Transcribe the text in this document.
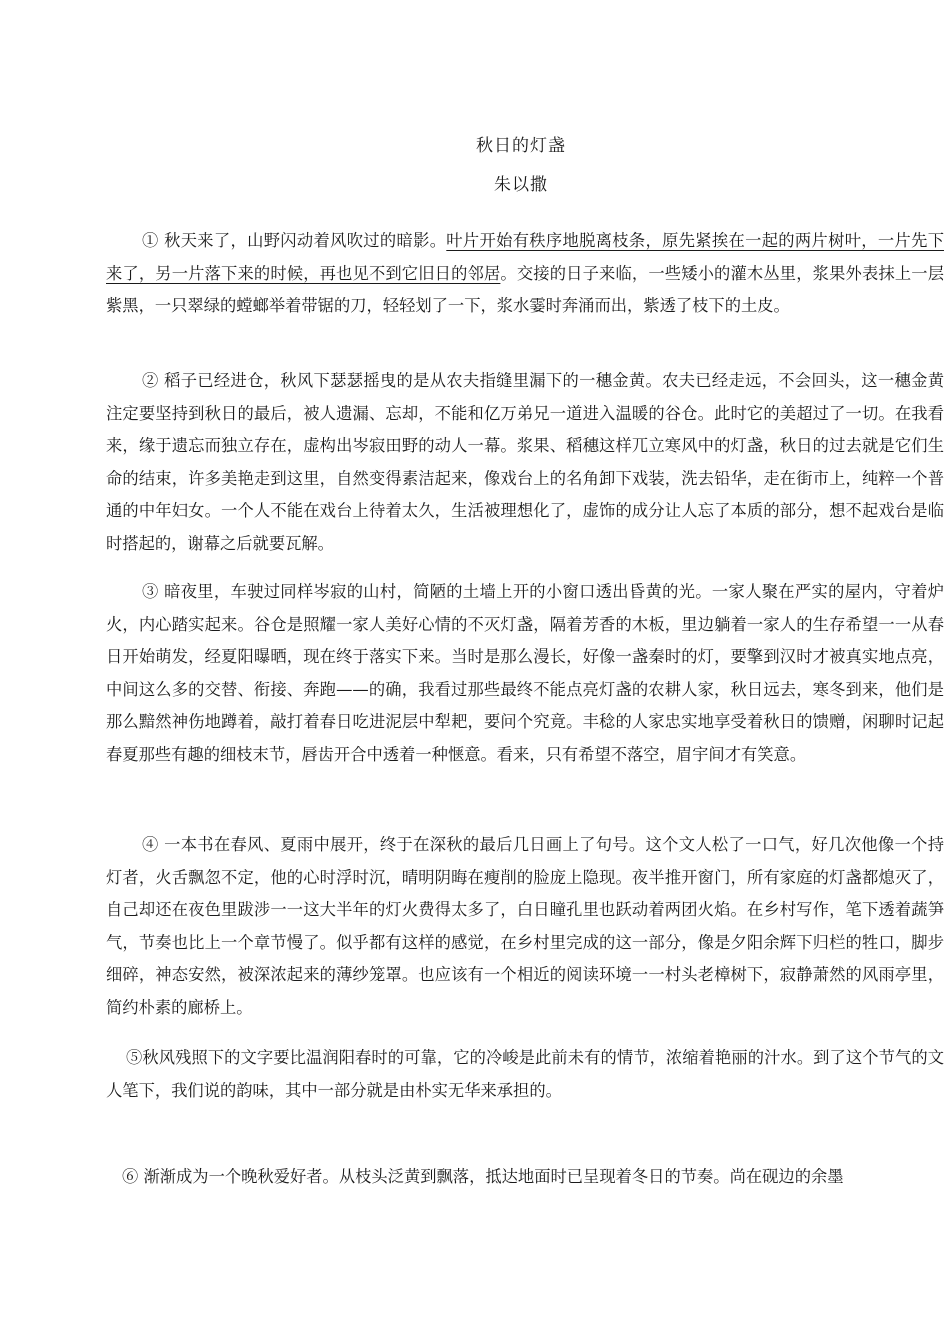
秋日的灯盏
朱以撒

① 秋天来了，山野闪动着风吹过的暗影。叶片开始有秩序地脱离枝条，原先紧挨在一起的两片树叶，一片先下来了，另一片落下来的时候，再也见不到它旧日的邻居。交接的日子来临，一些矮小的灌木丛里，浆果外表抹上一层紫黑，一只翠绿的螳螂举着带锯的刀，轻轻划了一下，浆水霎时奔涌而出，紫透了枝下的土皮。

② 稻子已经进仓，秋风下瑟瑟摇曳的是从农夫指缝里漏下的一穗金黄。农夫已经走远，不会回头，这一穗金黄注定要坚持到秋日的最后，被人遗漏、忘却，不能和亿万弟兄一道进入温暖的谷仓。此时它的美超过了一切。在我看来，缘于遗忘而独立存在，虚构出岑寂田野的动人一幕。浆果、稻穗这样兀立寒风中的灯盏，秋日的过去就是它们生命的结束，许多美艳走到这里，自然变得素洁起来，像戏台上的名角卸下戏装，洗去铅华，走在街市上，纯粹一个普通的中年妇女。一个人不能在戏台上待着太久，生活被理想化了，虚饰的成分让人忘了本质的部分，想不起戏台是临时搭起的，谢幕之后就要瓦解。

③ 暗夜里，车驶过同样岑寂的山村，简陋的土墙上开的小窗口透出昏黄的光。一家人聚在严实的屋内，守着炉火，内心踏实起来。谷仓是照耀一家人美好心情的不灭灯盏，隔着芳香的木板，里边躺着一家人的生存希望一一从春日开始萌发，经夏阳曝晒，现在终于落实下来。当时是那么漫长，好像一盏秦时的灯，要擎到汉时才被真实地点亮，中间这么多的交替、衔接、奔跑——的确，我看过那些最终不能点亮灯盏的农耕人家，秋日远去，寒冬到来，他们是那么黯然神伤地蹲着，敲打着春日吃进泥层中犁耙，要问个究竟。丰稔的人家忠实地享受着秋日的馈赠，闲聊时记起春夏那些有趣的细枝末节，唇齿开合中透着一种惬意。看来，只有希望不落空，眉宇间才有笑意。

④ 一本书在春风、夏雨中展开，终于在深秋的最后几日画上了句号。这个文人松了一口气，好几次他像一个持灯者，火舌飘忽不定，他的心时浮时沉，晴明阴晦在瘦削的脸庞上隐现。夜半推开窗门，所有家庭的灯盏都熄灭了，自己却还在夜色里跋涉一一这大半年的灯火费得太多了，白日瞳孔里也跃动着两团火焰。在乡村写作，笔下透着蔬笋气，节奏也比上一个章节慢了。似乎都有这样的感觉，在乡村里完成的这一部分，像是夕阳余辉下归栏的牲口，脚步细碎，神态安然，被深浓起来的薄纱笼罩。也应该有一个相近的阅读环境一一村头老樟树下，寂静萧然的风雨亭里，简约朴素的廊桥上。

⑤秋风残照下的文字要比温润阳春时的可靠，它的冷峻是此前未有的情节，浓缩着艳丽的汁水。到了这个节气的文人笔下，我们说的韵味，其中一部分就是由朴实无华来承担的。

⑥ 渐渐成为一个晚秋爱好者。从枝头泛黄到飘落，抵达地面时已呈现着冬日的节奏。尚在砚边的余墨
